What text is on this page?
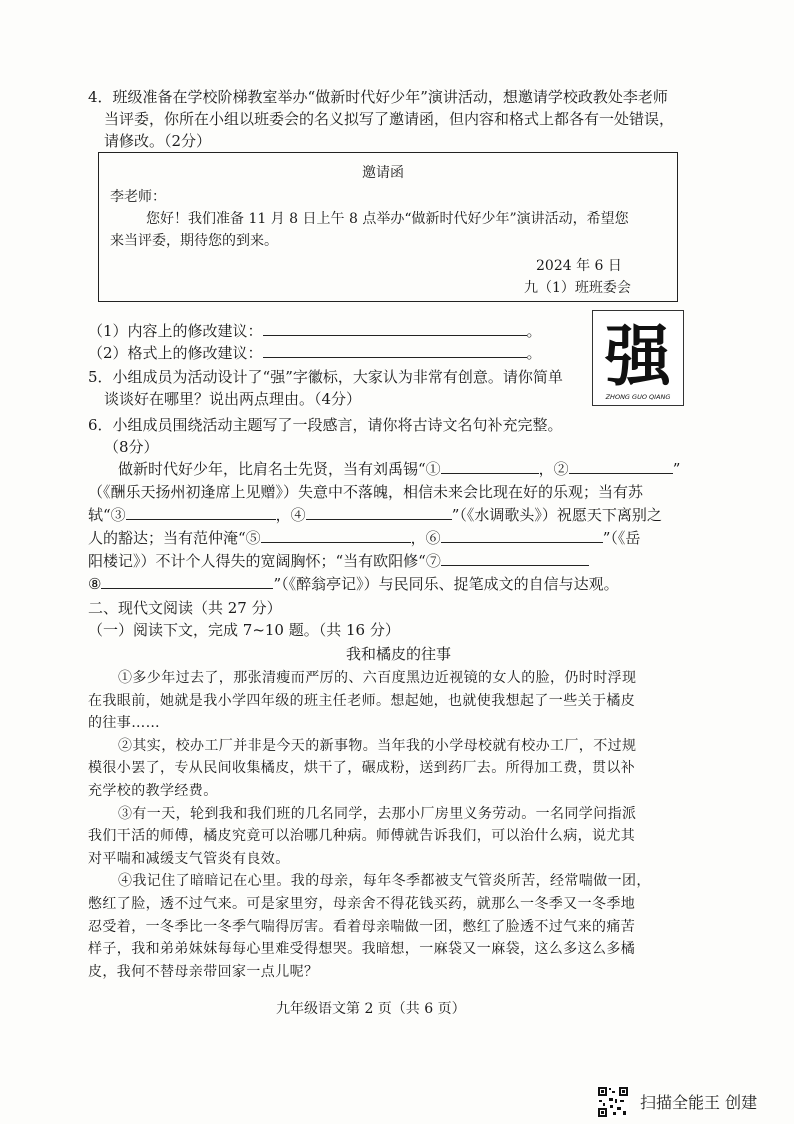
4．班级准备在学校阶梯教室举办“做新时代好少年”演讲活动，想邀请学校政教处李老师
当评委，你所在小组以班委会的名义拟写了邀请函，但内容和格式上都各有一处错误，
请修改。（2分）
邀请函
李老师：
您好！我们准备 11 月 8 日上午 8 点举办“做新时代好少年”演讲活动，希望您
来当评委，期待您的到来。
2024 年 6 日
九（1）班班委会
（1）内容上的修改建议：	。
（2）格式上的修改建议：	。 强
ZHONG GUO QIANG
5．小组成员为活动设计了“强”字徽标，大家认为非常有创意。请你简单
谈谈好在哪里？说出两点理由。（4分）
6．小组成员围绕活动主题写了一段感言，请你将古诗文名句补充完整。
（8分）
做新时代好少年，比肩名士先贤，当有刘禹锡“①	，②	”
（《酬乐天扬州初逢席上见赠》）失意中不落魄，相信未来会比现在好的乐观；当有苏
轼“③	，④	”（《水调歌头》）祝愿天下离别之
人的豁达；当有范仲淹“⑤	，⑥	”（《岳
阳楼记》）不计个人得失的宽阔胸怀；“当有欧阳修“⑦
⑧	”（《醉翁亭记》）与民同乐、捉笔成文的自信与达观。
二、现代文阅读（共 27 分）
（一）阅读下文，完成 7~10 题。（共 16 分）
我和橘皮的往事
①多少年过去了，那张清瘦而严厉的、六百度黑边近视镜的女人的脸，仍时时浮现
在我眼前，她就是我小学四年级的班主任老师。想起她，也就使我想起了一些关于橘皮
的往事……
②其实，校办工厂并非是今天的新事物。当年我的小学母校就有校办工厂，不过规
模很小罢了，专从民间收集橘皮，烘干了，碾成粉，送到药厂去。所得加工费，贯以补
充学校的教学经费。
③有一天，轮到我和我们班的几名同学，去那小厂房里义务劳动。一名同学问指派
我们干活的师傅，橘皮究竟可以治哪几种病。师傅就告诉我们，可以治什么病，说尤其
对平喘和减缓支气管炎有良效。
④我记住了暗暗记在心里。我的母亲，每年冬季都被支气管炎所苦，经常喘做一团，
憋红了脸，透不过气来。可是家里穷，母亲舍不得花钱买药，就那么一冬季又一冬季地
忍受着，一冬季比一冬季气喘得厉害。看着母亲喘做一团，憋红了脸透不过气来的痛苦
样子，我和弟弟妹妹每每心里难受得想哭。我暗想，一麻袋又一麻袋，这么多这么多橘
皮，我何不替母亲带回家一点儿呢？
九年级语文第 2 页（共 6 页）
扫描全能王 创建
